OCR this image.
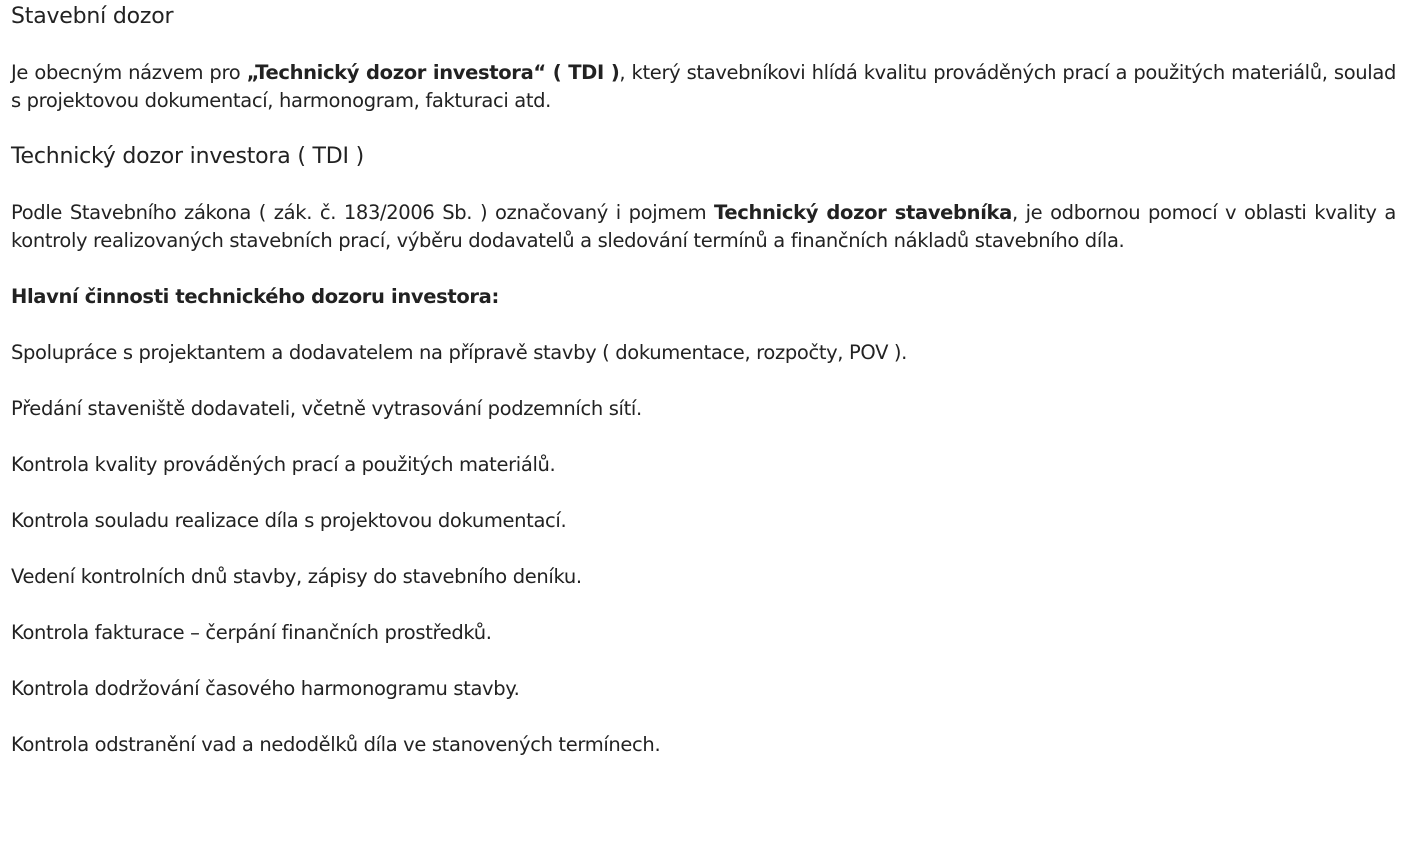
Stavební dozor

Je obecným názvem pro „Technický dozor investora“ ( TDI ), který stavebníkovi hlídá kvalitu prováděných prací a použitých materiálů, soulad s projektovou dokumentací, harmonogram, fakturaci atd.

Technický dozor investora ( TDI )

Podle Stavebního zákona ( zák. č. 183/2006 Sb. ) označovaný i pojmem Technický dozor stavebníka, je odbornou pomocí v oblasti kvality a kontroly realizovaných stavebních prací, výběru dodavatelů a sledování termínů a finančních nákladů stavebního díla.

Hlavní činnosti technického dozoru investora:

Spolupráce s projektantem a dodavatelem na přípravě stavby ( dokumentace, rozpočty, POV ).

Předání staveniště dodavateli, včetně vytrasování podzemních sítí.

Kontrola kvality prováděných prací a použitých materiálů.

Kontrola souladu realizace díla s projektovou dokumentací.

Vedení kontrolních dnů stavby, zápisy do stavebního deníku.

Kontrola fakturace – čerpání finančních prostředků.

Kontrola dodržování časového harmonogramu stavby.

Kontrola odstranění vad a nedodělků díla ve stanovených termínech.
